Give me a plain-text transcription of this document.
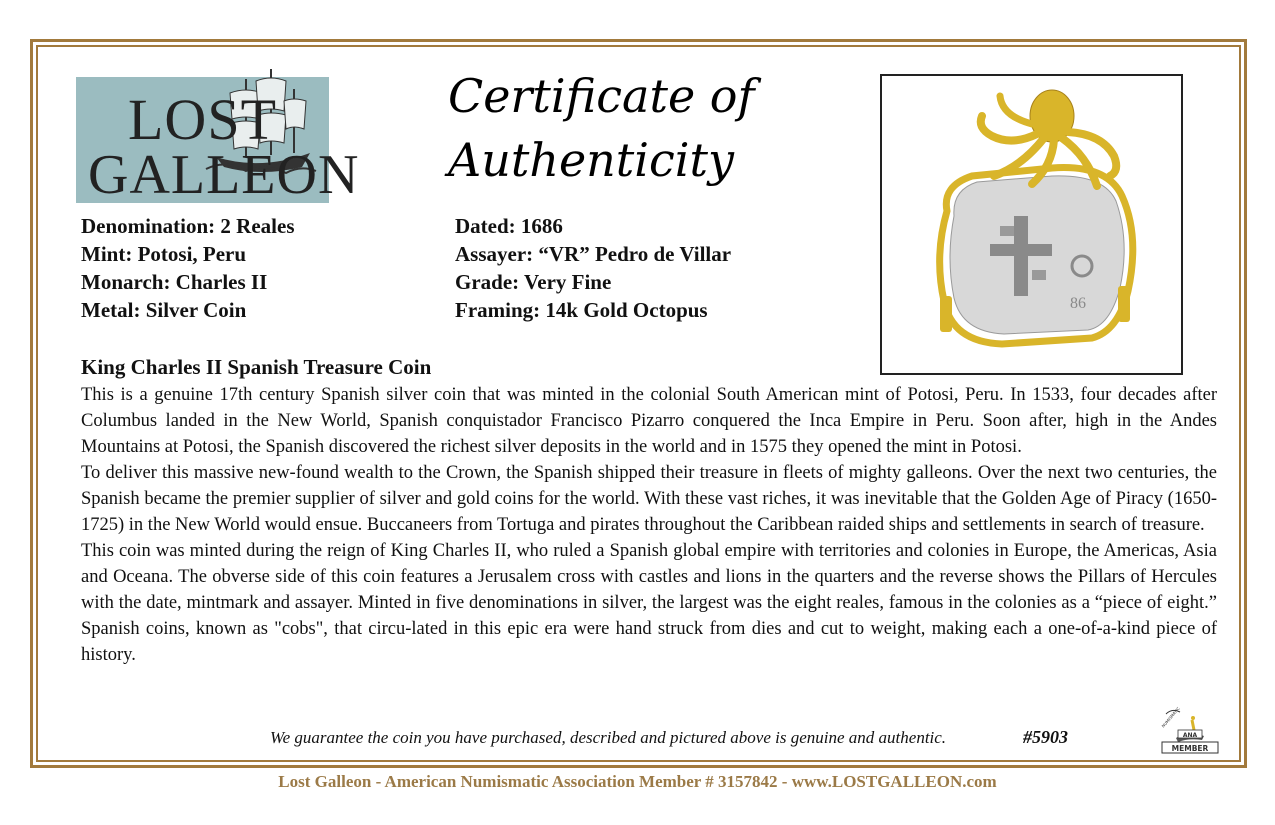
LOST
GALLEON
Certificate of
Authenticity
Denomination: 2 Reales
Mint: Potosi, Peru
Monarch: Charles II
Metal: Silver Coin
Dated: 1686
Assayer: “VR” Pedro de Villar
Grade: Very Fine
Framing: 14k Gold Octopus	86
King Charles II Spanish Treasure Coin

This is a genuine 17th century Spanish silver coin that was minted in the colonial South American mint of Potosi, Peru. In 1533, four decades after Columbus landed in the New World, Spanish conquistador Francisco Pizarro conquered the Inca Empire in Peru. Soon after, high in the Andes Mountains at Potosi, the Spanish discovered the richest silver deposits in the world and in 1575 they opened the mint in Potosi.

To deliver this massive new-found wealth to the Crown, the Spanish shipped their treasure in fleets of mighty galleons. Over the next two centuries, the Spanish became the premier supplier of silver and gold coins for the world. With these vast riches, it was inevitable that the Golden Age of Piracy (1650-1725) in the New World would ensue. Buccaneers from Tortuga and pirates throughout the Caribbean raided ships and settlements in search of treasure.

This coin was minted during the reign of King Charles II, who ruled a Spanish global empire with territories and colonies in Europe, the Americas, Asia and Oceana. The obverse side of this coin features a Jerusalem cross with castles and lions in the quarters and the reverse shows the Pillars of Hercules with the date, mintmark and assayer. Minted in five denominations in silver, the largest was the eight reales, famous in the colonies as a “piece of eight.” Spanish coins, known as "cobs", that circu-lated in this epic era were hand struck from dies and cut to weight, making each a one-of-a-kind piece of history.

We guarantee the coin you have purchased, described and pictured above is genuine and authentic.	#5903
NUMISMATIC
ANA
MEMBER
Lost Galleon - American Numismatic Association Member # 3157842 - www.LOSTGALLEON.com
